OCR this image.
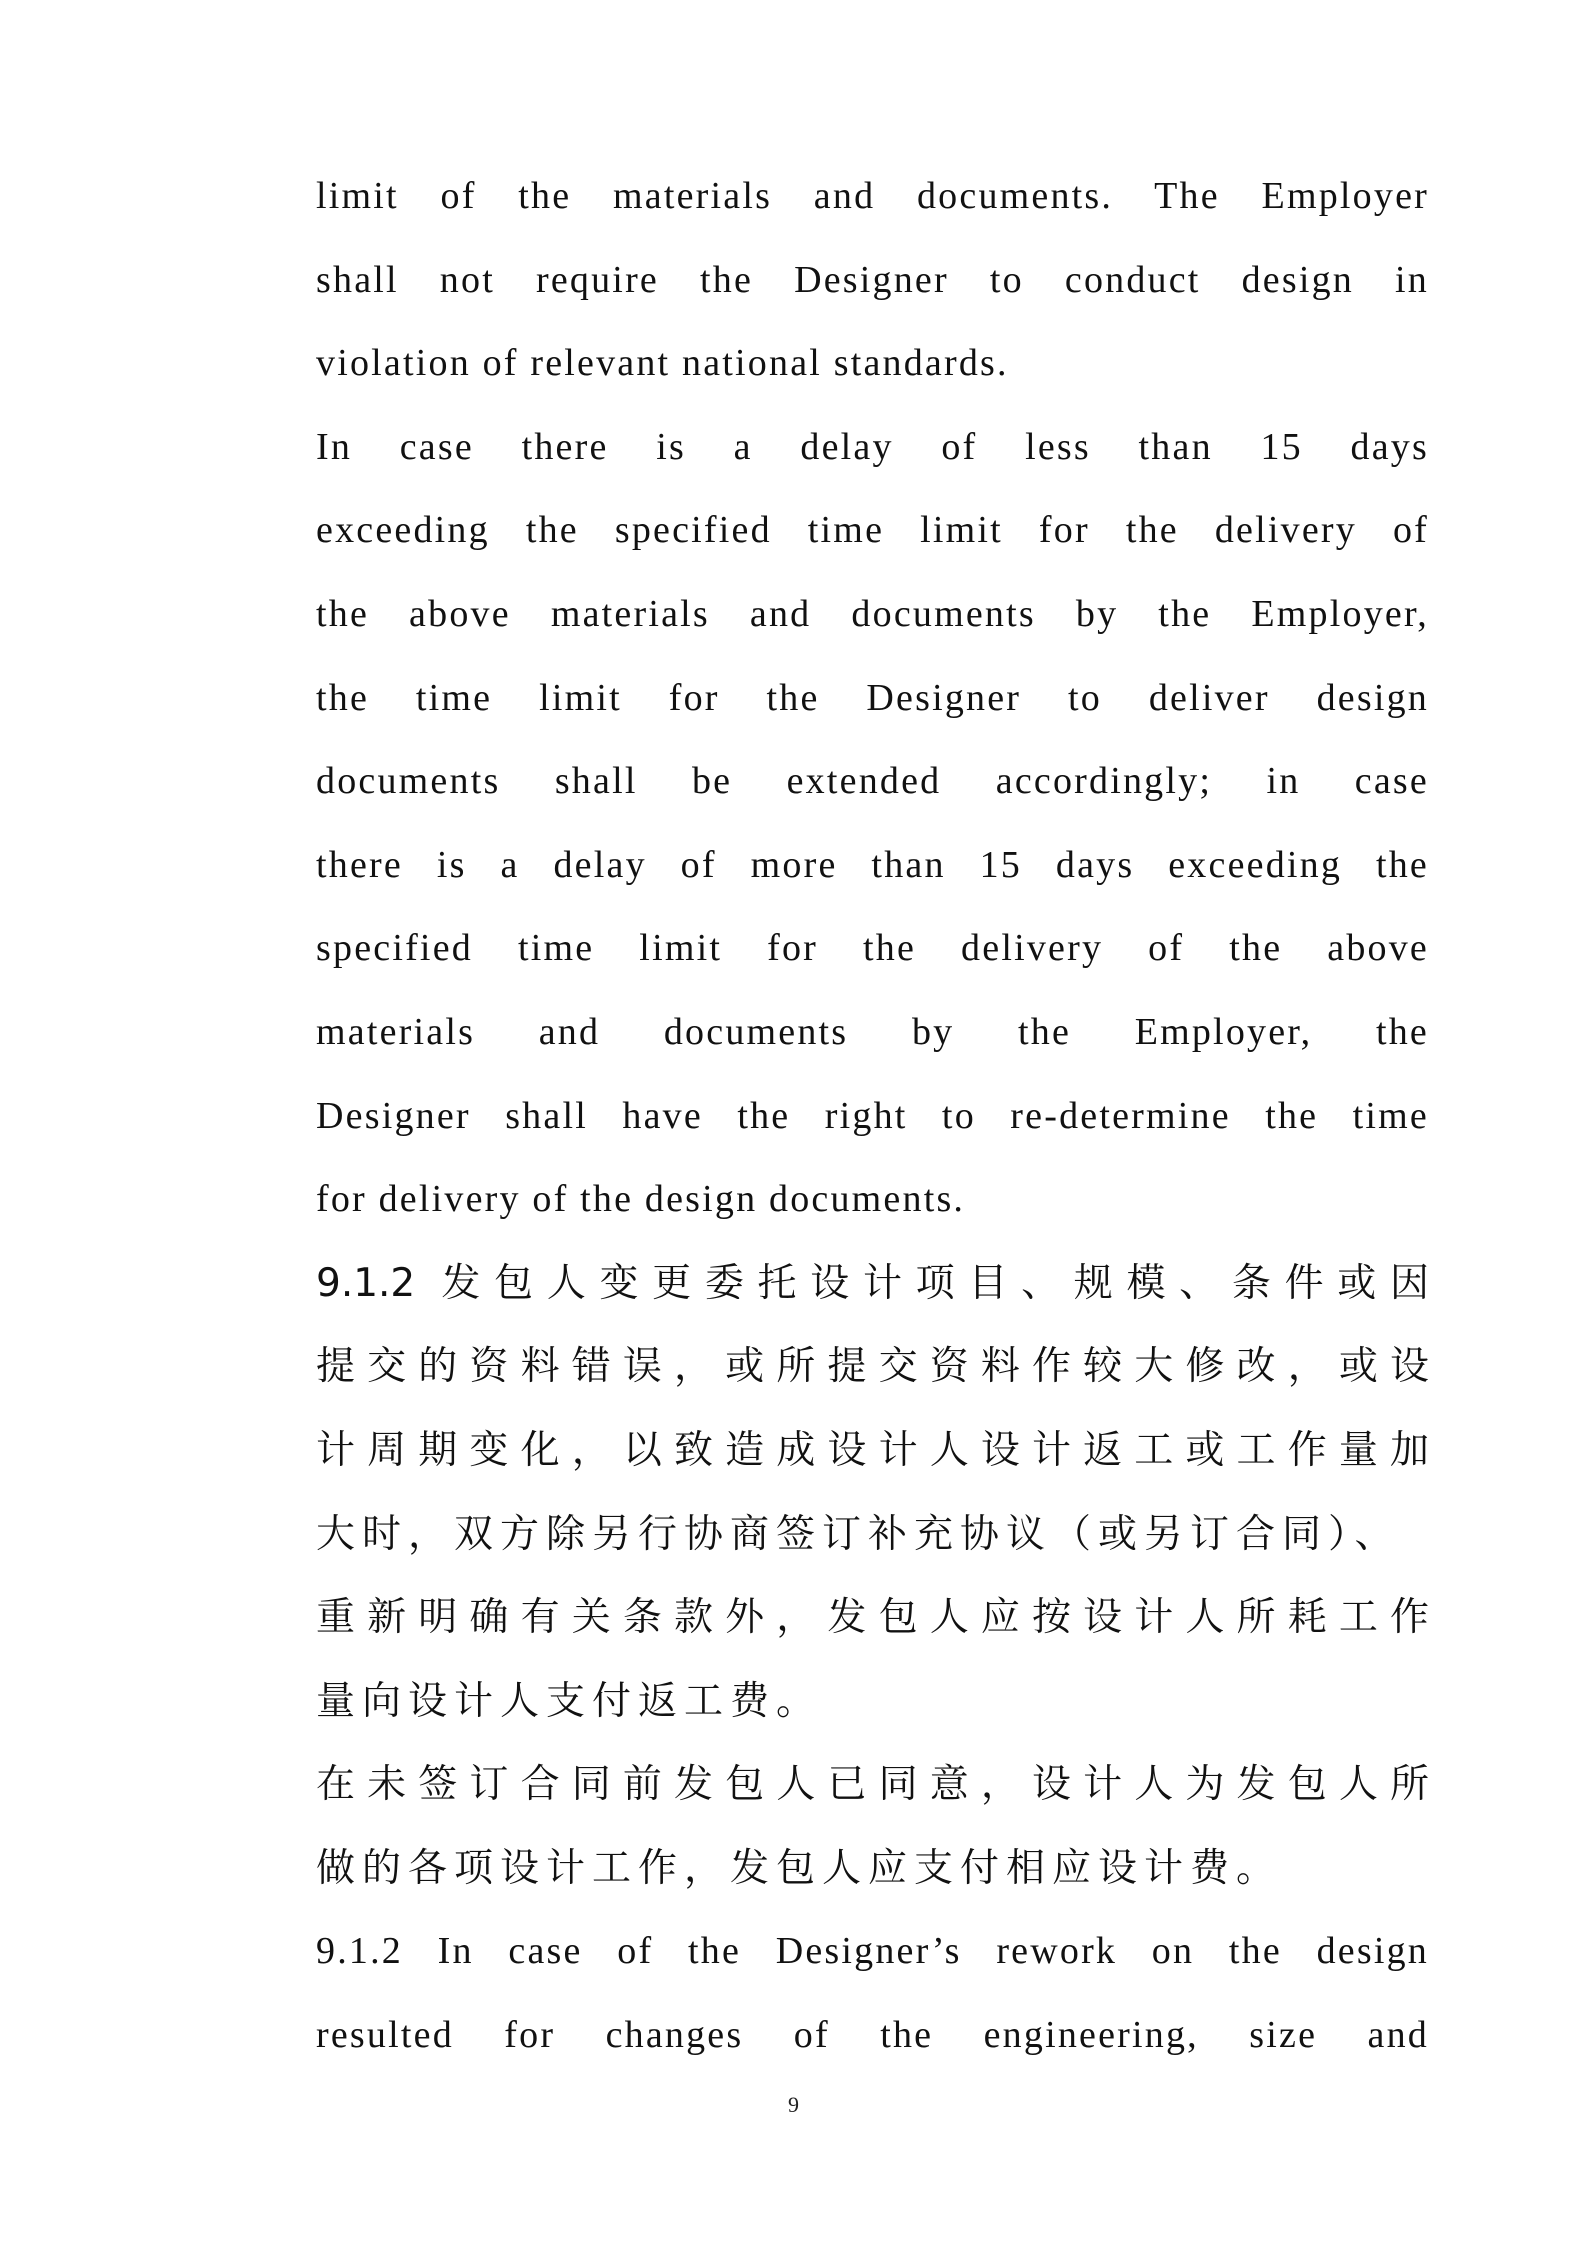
limit of the materials and documents. The Employer
shall not require the Designer to conduct design in
violation of relevant national standards.
In case there is a delay of less than 15 days
exceeding the specified time limit for the delivery of
the above materials and documents by the Employer,
the time limit for the Designer to deliver design
documents shall be extended accordingly; in case
there is a delay of more than 15 days exceeding the
specified time limit for the delivery of the above
materials and documents by the Employer, the
Designer shall have the right to re-determine the time
for delivery of the design documents.
9.1.2 发包人变更委托设计项目、规模、条件或因
提交的资料错误，或所提交资料作较大修改，或设
计周期变化，以致造成设计人设计返工或工作量加
大时，双方除另行协商签订补充协议（或另订合同）、
重新明确有关条款外，发包人应按设计人所耗工作
量向设计人支付返工费。
在未签订合同前发包人已同意，设计人为发包人所
做的各项设计工作，发包人应支付相应设计费。
9.1.2 In case of the Designer’s rework on the design
resulted for changes of the engineering, size and
9
